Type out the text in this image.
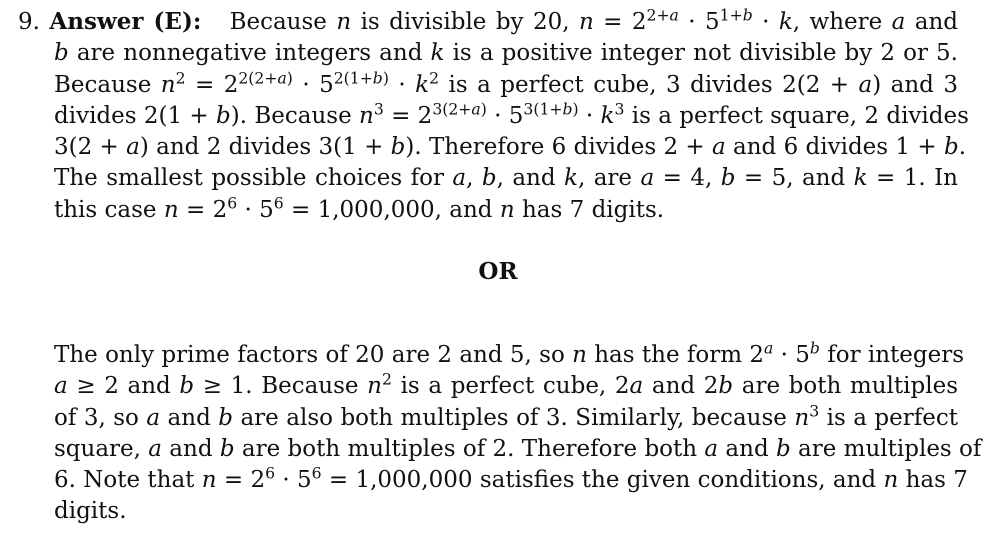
9. Answer (E):   Because n is divisible by 20, $n = 2^{2+a} \cdot 5^{1+b} \cdot k$, where a and
b are nonnegative integers and k is a positive integer not divisible by 2 or 5.
Because $n^2 = 2^{2(2+a)} \cdot 5^{2(1+b)} \cdot k^2$ is a perfect cube, 3 divides 2(2 + a) and 3
divides 2(1 + b). Because $n^3 = 2^{3(2+a)} \cdot 5^{3(1+b)} \cdot k^3$ is a perfect square, 2 divides
3(2 + a) and 2 divides 3(1 + b). Therefore 6 divides 2 + a and 6 divides 1 + b.
The smallest possible choices for a, b, and k, are a = 4, b = 5, and k = 1. In
this case $n = 2^6 \cdot 5^6 = 1,000,000$, and n has 7 digits.
OR
The only prime factors of 20 are 2 and 5, so n has the form $2^a \cdot 5^b$ for integers
a ≥ 2 and b ≥ 1. Because $n^2$ is a perfect cube, 2a and 2b are both multiples
of 3, so a and b are also both multiples of 3. Similarly, because $n^3$ is a perfect
square, a and b are both multiples of 2. Therefore both a and b are multiples of
6. Note that $n = 2^6 \cdot 5^6 = 1,000,000$ satisfies the given conditions, and n has 7
digits.
